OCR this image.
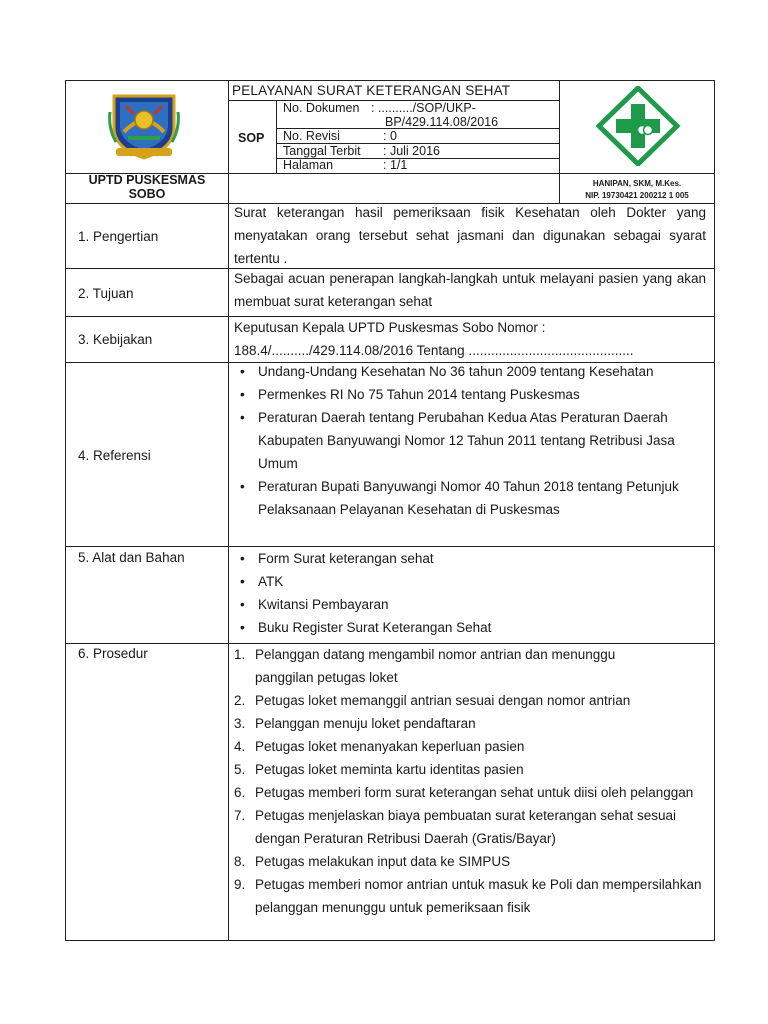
UPTD PUSKESMAS
SOBO
PELAYANAN SURAT KETERANGAN SEHAT
SOP
No. Dokumen : ........../SOP/UKP-
BP/429.114.08/2016
No. Revisi	: 0
Tanggal Terbit : Juli 2016
Halaman	: 1/1
HANIPAN, SKM, M.Kes.
NIP. 19730421 200212 1 005
1. Pengertian
Surat keterangan hasil pemeriksaan fisik Kesehatan oleh Dokter yang menyatakan orang tersebut sehat jasmani dan digunakan sebagai syarat tertentu .
2. Tujuan
Sebagai acuan penerapan langkah-langkah untuk melayani pasien yang akan membuat surat keterangan sehat
3. Kebijakan
Keputusan Kepala UPTD Puskesmas Sobo Nomor :
188.4/........../429.114.08/2016 Tentang ............................................
4. Referensi
• Undang-Undang Kesehatan No 36 tahun 2009 tentang Kesehatan
• Permenkes RI No 75 Tahun 2014 tentang Puskesmas
• Peraturan Daerah tentang Perubahan Kedua Atas Peraturan Daerah Kabupaten Banyuwangi Nomor 12 Tahun 2011 tentang Retribusi Jasa Umum
• Peraturan Bupati Banyuwangi Nomor 40 Tahun 2018 tentang Petunjuk Pelaksanaan Pelayanan Kesehatan di Puskesmas
5. Alat dan Bahan	• Form Surat keterangan sehat
• ATK
• Kwitansi Pembayaran
• Buku Register Surat Keterangan Sehat
6. Prosedur	1. Pelanggan datang mengambil nomor antrian dan menunggu panggilan petugas loket
2. Petugas loket memanggil antrian sesuai dengan nomor antrian
3. Pelanggan menuju loket pendaftaran
4. Petugas loket menanyakan keperluan pasien
5. Petugas loket meminta kartu identitas pasien
6. Petugas memberi form surat keterangan sehat untuk diisi oleh pelanggan
7. Petugas menjelaskan biaya pembuatan surat keterangan sehat sesuai dengan Peraturan Retribusi Daerah (Gratis/Bayar)
8. Petugas melakukan input data ke SIMPUS
9. Petugas memberi nomor antrian untuk masuk ke Poli dan mempersilahkan pelanggan menunggu untuk pemeriksaan fisik
